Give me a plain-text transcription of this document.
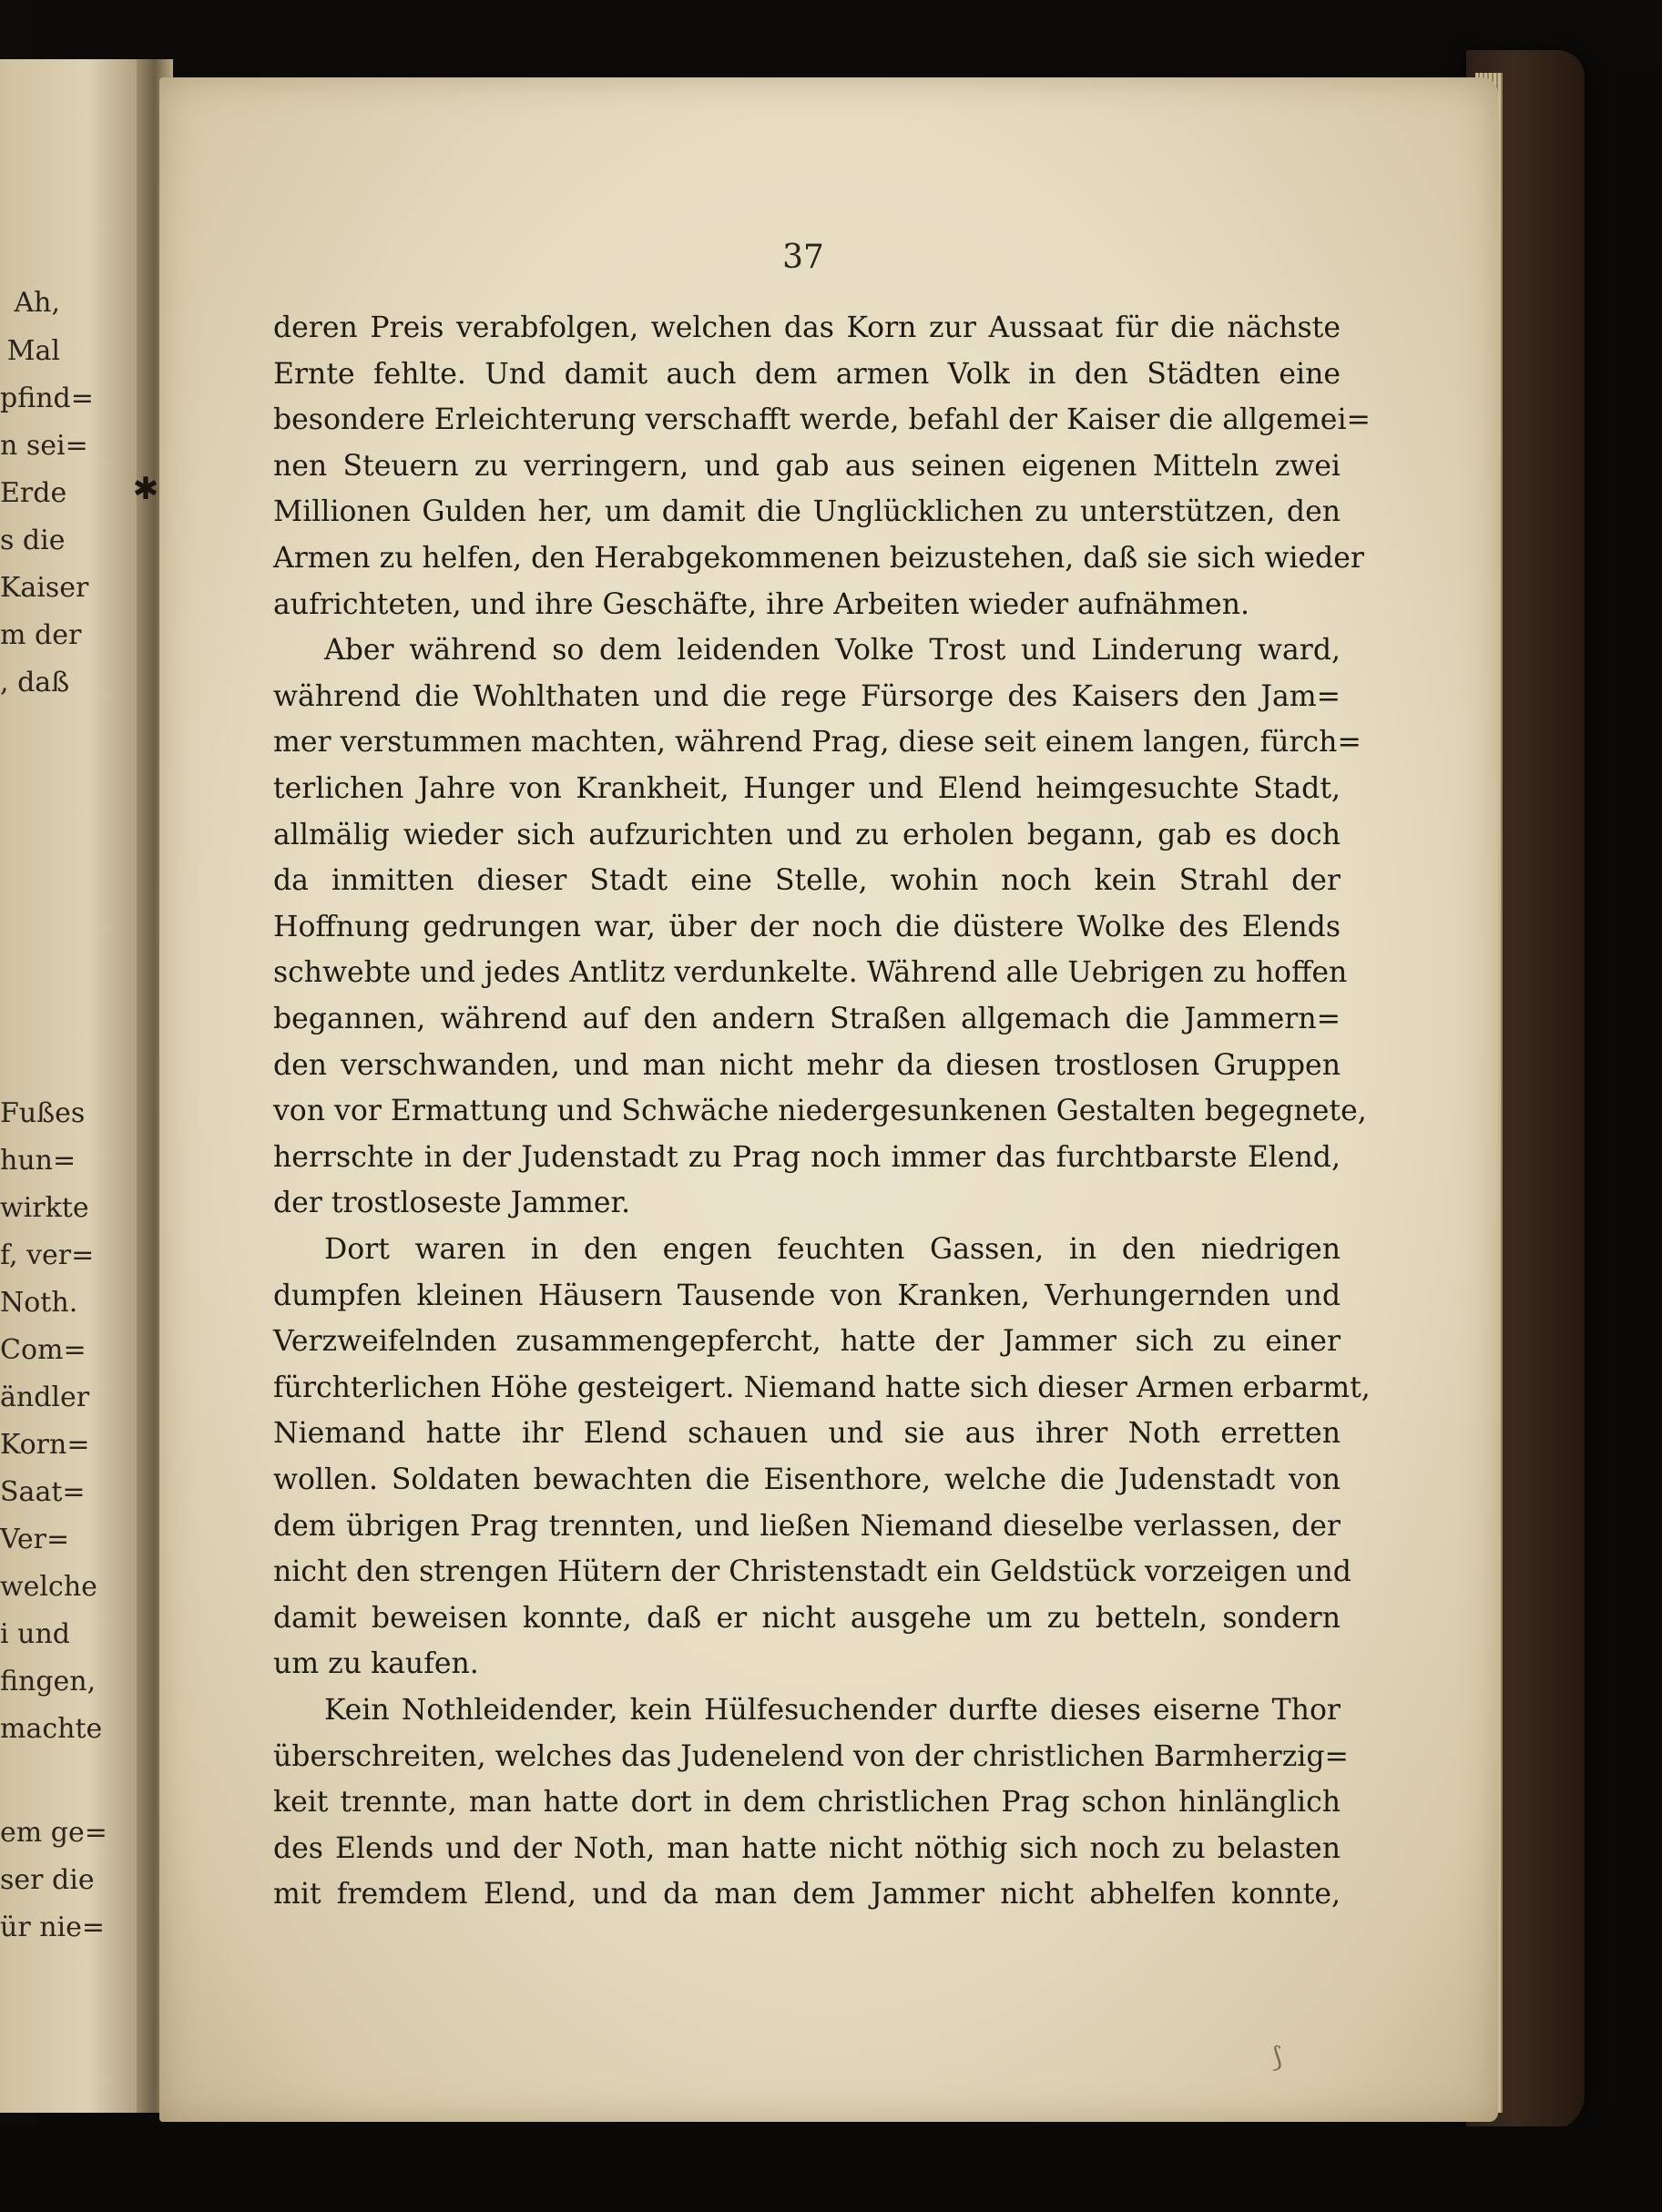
✱
⟆
37
deren Preis verabfolgen, welchen das Korn zur Aussaat für die nächste
Ernte fehlte. Und damit auch dem armen Volk in den Städten eine
besondere Erleichterung verschafft werde, befahl der Kaiser die allgemei=
nen Steuern zu verringern, und gab aus seinen eigenen Mitteln zwei
Millionen Gulden her, um damit die Unglücklichen zu unterstützen, den
Armen zu helfen, den Herabgekommenen beizustehen, daß sie sich wieder
aufrichteten, und ihre Geschäfte, ihre Arbeiten wieder aufnähmen.
Aber während so dem leidenden Volke Trost und Linderung ward,
während die Wohlthaten und die rege Fürsorge des Kaisers den Jam=
mer verstummen machten, während Prag, diese seit einem langen, fürch=
terlichen Jahre von Krankheit, Hunger und Elend heimgesuchte Stadt,
allmälig wieder sich aufzurichten und zu erholen begann, gab es doch
da inmitten dieser Stadt eine Stelle, wohin noch kein Strahl der
Hoffnung gedrungen war, über der noch die düstere Wolke des Elends
schwebte und jedes Antlitz verdunkelte. Während alle Uebrigen zu hoffen
begannen, während auf den andern Straßen allgemach die Jammern=
den verschwanden, und man nicht mehr da diesen trostlosen Gruppen
von vor Ermattung und Schwäche niedergesunkenen Gestalten begegnete,
herrschte in der Judenstadt zu Prag noch immer das furchtbarste Elend,
der trostloseste Jammer.
Dort waren in den engen feuchten Gassen, in den niedrigen
dumpfen kleinen Häusern Tausende von Kranken, Verhungernden und
Verzweifelnden zusammengepfercht, hatte der Jammer sich zu einer
fürchterlichen Höhe gesteigert. Niemand hatte sich dieser Armen erbarmt,
Niemand hatte ihr Elend schauen und sie aus ihrer Noth erretten
wollen. Soldaten bewachten die Eisenthore, welche die Judenstadt von
dem übrigen Prag trennten, und ließen Niemand dieselbe verlassen, der
nicht den strengen Hütern der Christenstadt ein Geldstück vorzeigen und
damit beweisen konnte, daß er nicht ausgehe um zu betteln, sondern
um zu kaufen.
Kein Nothleidender, kein Hülfesuchender durfte dieses eiserne Thor
überschreiten, welches das Judenelend von der christlichen Barmherzig=
keit trennte, man hatte dort in dem christlichen Prag schon hinlänglich
des Elends und der Noth, man hatte nicht nöthig sich noch zu belasten
mit fremdem Elend, und da man dem Jammer nicht abhelfen konnte,
Ah,
Mal
pfind=
n sei=
Erde
s die
Kaiser
m der
, daß
Fußes
hun=
wirkte
f, ver=
Noth.
Com=
ändler
Korn=
Saat=
Ver=
welche
i und
fingen,
machte
em ge=
ser die
ür nie=
